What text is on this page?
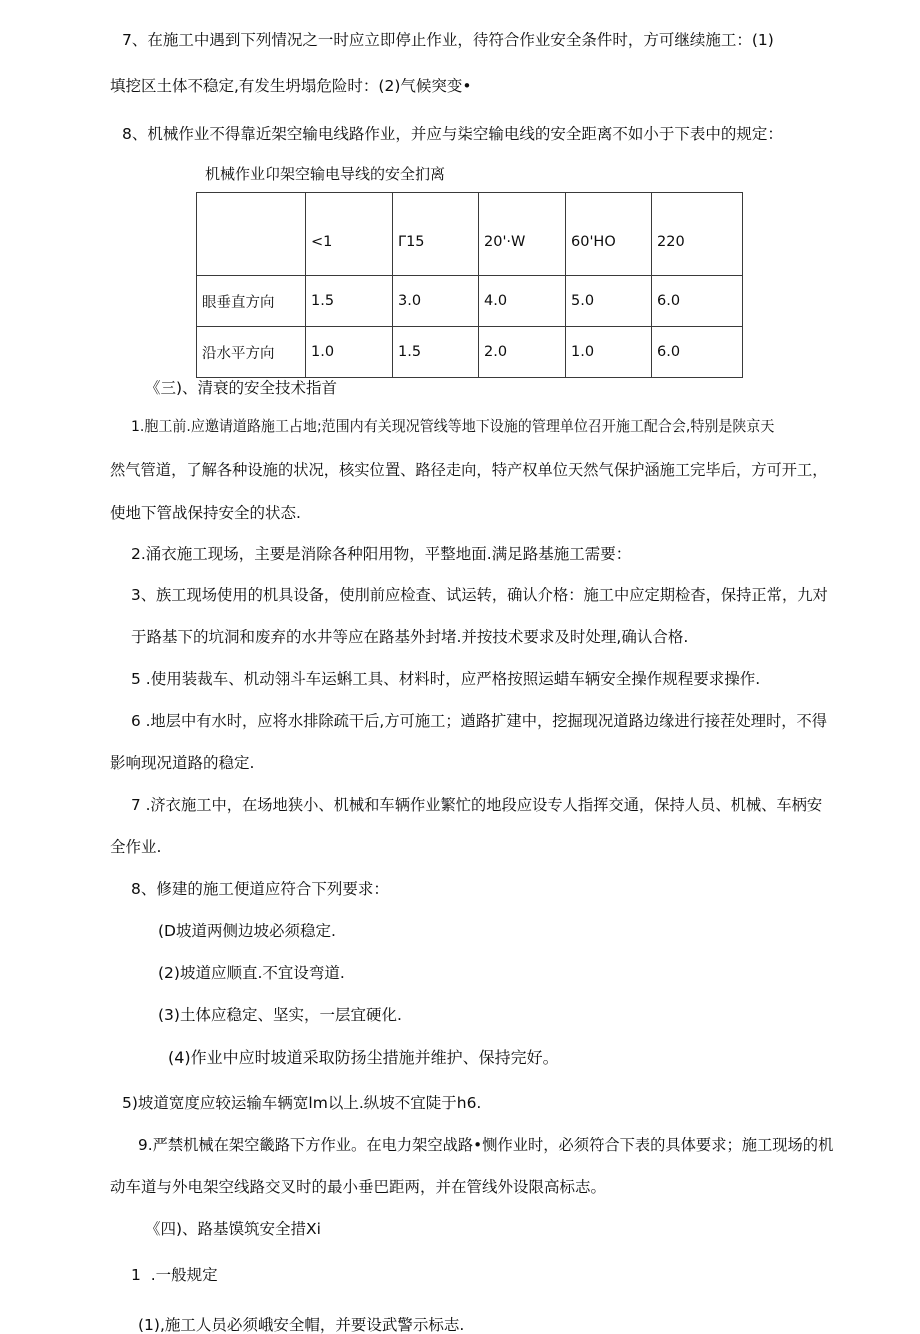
7、在施工中遇到下列情况之一时应立即停止作业，待符合作业安全条件时，方可继续施工：(1)
填挖区土体不稳定,有发生坍塌危险时：(2)气候突变•
8、机械作业不得靠近架空输电线路作业，并应与柒空输电线的安全距离不如小于下表中的规定：
机械作业卬架空输电导线的安全扪离
	<1	Γ15	20'·W	60'HO	220
眼垂直方向	1.5	3.0	4.0	5.0	6.0
沿水平方向	1.0	1.5	2.0	1.0	6.0
《三)、清衰的安全技术指首
1.胞工前.应邀请道路施工占地;范围内有关现况管线等地下设施的管理单位召开施工配合会,特别是陕京天
然气管道，了解各种设施的状况，核实位置、路径走向，特产权单位天然气保护涵施工完毕后，方可开工，
使地下管战保持安全的状态.
2.涌衣施工现场，主要是消除各种阳用物，平整地面.满足路基施工需要：
3、族工现场使用的机具设备，使刖前应检查、试运转，确认介格：施工中应定期检杳，保持正常，九对
于路基下的坑洞和废弃的水井等应在路基外封堵.并按技术要求及时处理,确认合格.
5 .使用装裁车、机动翎斗车运蝌工具、材料时，应严格按照运蜡车辆安全操作规程要求操作.
6 .地层中有水时，应将水排除疏干后,方可施工；遒路扩建中，挖掘现况道路边缘进行接茬处理时，不得
影响现况道路的稳定.
7 .济衣施工中，在场地狭小、机械和车辆作业繁忙的地段应设专人指挥交通，保持人员、机械、车柄安
全作业.
8、修建的施工便道应符合下列要求：
(D坡道两侧边坡必须稳定.
(2)坡道应顺直.不宜设弯道.
(3)土体应稳定、坚实，一层宜硬化.
(4)作业中应时坡道采取防扬尘措施并维护、保持完好。
5)坡道宽度应较运输车辆宽lm以上.纵坡不宜陡于h6.
9.严禁机械在架空畿路下方作业。在电力架空战路•恻作业时，必须符合下表的具体要求；施工现场的机
动车道与外电架空线路交叉时的最小垂巴距两，并在管线外设限高标志。
《四)、路基馍筑安全措Xi
1  .一般规定
(1),施工人员必须峨安全帽，并要设武警示标志.
